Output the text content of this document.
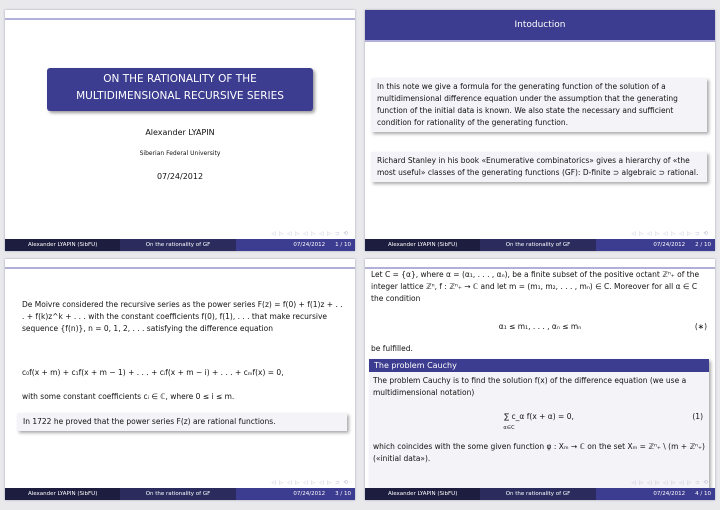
ON THE RATIONALITY OF THE
MULTIDIMENSIONAL RECURSIVE SERIES
Alexander LYAPIN
Siberian Federal University
07/24/2012
◁ ▷ ◁ ▷ ◁ ▷ ◁ ▷ ⊃ ⟲
Alexander LYAPIN (SibFU)	On the rationality of GF	07/24/2012 1 / 10
Intoduction
In this note we give a formula for the generating function of the solution of a multidimensional difference equation under the assumption that the generating function of the initial data is known. We also state the necessary and sufficient condition for rationality of the generating function.
Richard Stanley in his book «Enumerative combinatorics» gives a hierarchy of «the most useful» classes of the generating functions (GF): D-finite ⊃ algebraic ⊃ rational.
◁ ▷ ◁ ▷ ◁ ▷ ◁ ▷ ⊃ ⟲
Alexander LYAPIN (SibFU)	On the rationality of GF	07/24/2012 2 / 10
De Moivre considered the recursive series as the power series F(z) = f(0) + f(1)z + . . . + f(k)z^k + . . . with the constant coefficients f(0), f(1), . . . that make recursive sequence {f(n)}, n = 0, 1, 2, . . . satisfying the difference equation
c₀f(x + m) + c₁f(x + m − 1) + . . . + cᵢf(x + m − i) + . . . + cₘf(x) = 0,
with some constant coefficients cᵢ ∈ ℂ, where 0 ≤ i ≤ m.
In 1722 he proved that the power series F(z) are rational functions.
◁ ▷ ◁ ▷ ◁ ▷ ◁ ▷ ⊃ ⟲
Alexander LYAPIN (SibFU)	On the rationality of GF	07/24/2012 3 / 10
Let C = {α}, where α = (α₁, . . . , αₙ), be a finite subset of the positive octant ℤⁿ₊ of the integer lattice ℤⁿ, f : ℤⁿ₊ → ℂ and let m = (m₁, m₂, . . . , mₙ) ∈ C. Moreover for all α ∈ C the condition
α₁ ≤ m₁, . . . , αₙ ≤ mₙ	(∗)
be fulfilled.
The problem Cauchy
The problem Cauchy is to find the solution f(x) of the difference equation (we use a multidimensional notation)
∑ c_α f(x + α) = 0,
α∈C
(1)
which coincides with the some given function φ : Xₘ → ℂ on the set Xₘ = ℤⁿ₊ \ (m + ℤⁿ₊) («initial data»).
◁ ▷ ◁ ▷ ◁ ▷ ◁ ▷ ⊃ ⟲
Alexander LYAPIN (SibFU)	On the rationality of GF	07/24/2012 4 / 10
